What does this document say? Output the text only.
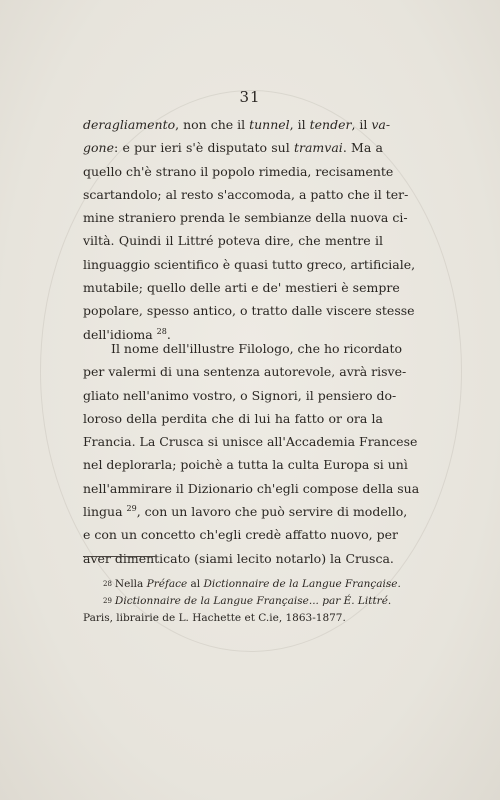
31
deragliamento, non che il tunnel, il tender, il va-
gone: e pur ieri s'è disputato sul tramvai. Ma a
quello ch'è strano il popolo rimedia, recisamente
scartandolo; al resto s'accomoda, a patto che il ter-
mine straniero prenda le sembianze della nuova ci-
viltà. Quindi il Littré poteva dire, che mentre il
linguaggio scientifico è quasi tutto greco, artificiale,
mutabile; quello delle arti e de' mestieri è sempre
popolare, spesso antico, o tratto dalle viscere stesse
dell'idioma $^{28}$.
Il nome dell'illustre Filologo, che ho ricordato
per valermi di una sentenza autorevole, avrà risve-
gliato nell'animo vostro, o Signori, il pensiero do-
loroso della perdita che di lui ha fatto or ora la
Francia. La Crusca si unisce all'Accademia Francese
nel deplorarla; poichè a tutta la culta Europa si unì
nell'ammirare il Dizionario ch'egli compose della sua
lingua $^{29}$, con un lavoro che può servire di modello,
e con un concetto ch'egli credè affatto nuovo, per
aver dimenticato (siami lecito notarlo) la Crusca.
$^{28}$ Nella Préface al Dictionnaire de la Langue Française.
$^{29}$ Dictionnaire de la Langue Française... par É. Littré.
Paris, librairie de L. Hachette et C.ie, 1863-1877.
